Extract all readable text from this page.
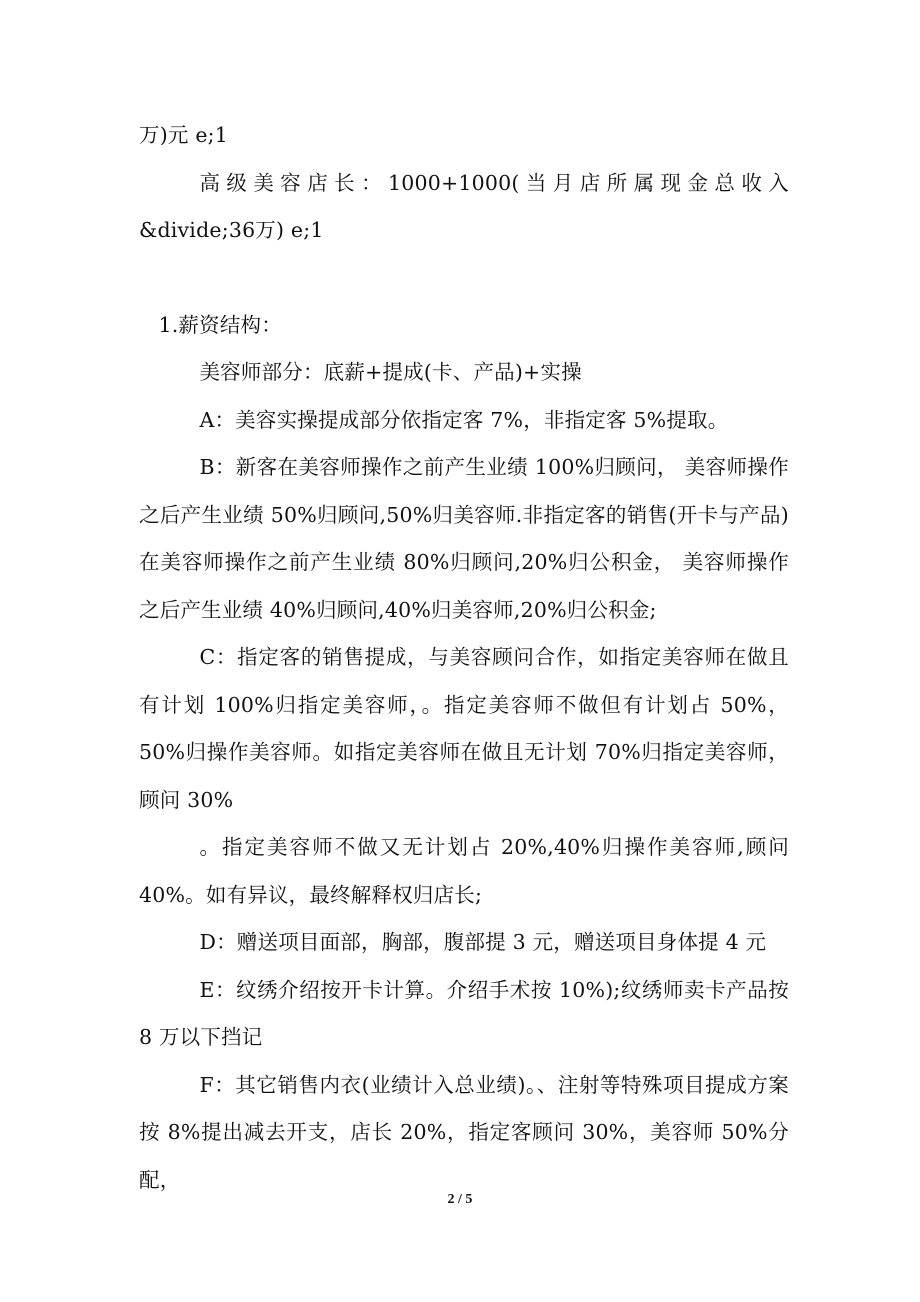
万)元 e;1

高级美容店长：1000+1000(当月店所属现金总收入&divide;36万) e;1

1.薪资结构：

美容师部分：底薪+提成(卡、产品)+实操

A：美容实操提成部分依指定客 7%，非指定客 5%提取。

B：新客在美容师操作之前产生业绩 100%归顾问， 美容师操作之后产生业绩 50%归顾问,50%归美容师.非指定客的销售(开卡与产品)在美容师操作之前产生业绩 80%归顾问,20%归公积金， 美容师操作之后产生业绩 40%归顾问,40%归美容师,20%归公积金;

C：指定客的销售提成，与美容顾问合作，如指定美容师在做且有计划 100%归指定美容师，。指定美容师不做但有计划占 50%，50%归操作美容师。如指定美容师在做且无计划 70%归指定美容师，顾问 30%

。指定美容师不做又无计划占 20%,40%归操作美容师,顾问 40%。如有异议，最终解释权归店长;

D：赠送项目面部，胸部，腹部提 3 元，赠送项目身体提 4 元

E：纹绣介绍按开卡计算。介绍手术按 10%);纹绣师卖卡产品按 8 万以下挡记

F：其它销售内衣(业绩计入总业绩)。、注射等特殊项目提成方案按 8%提出减去开支，店长 20%，指定客顾问 30%，美容师 50%分配，

2 / 5
